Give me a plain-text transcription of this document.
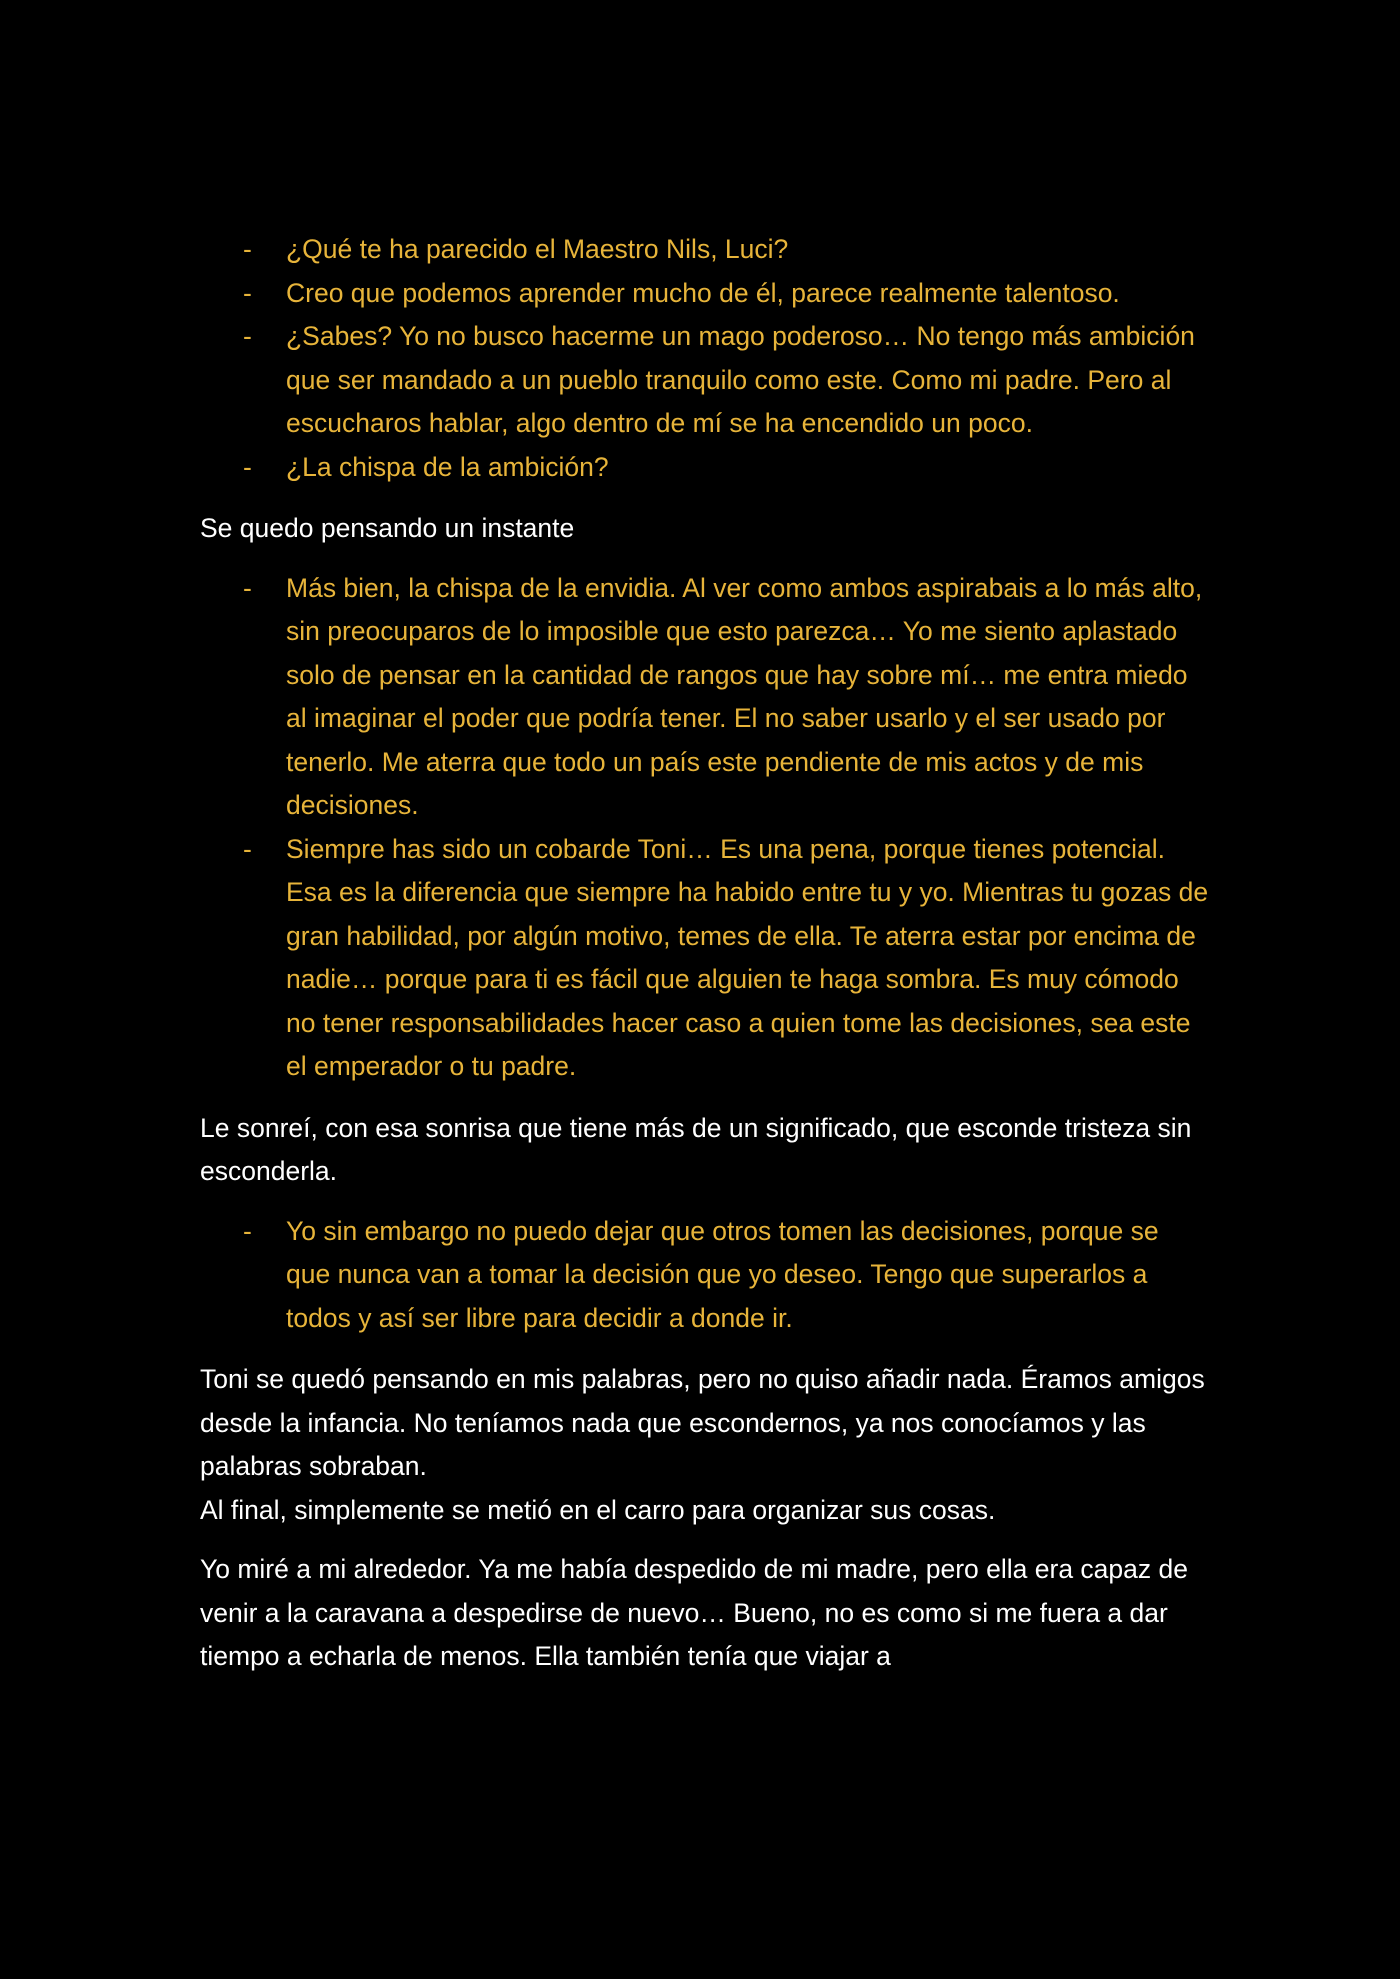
- ¿Qué te ha parecido el Maestro Nils, Luci?
- Creo que podemos aprender mucho de él, parece realmente talentoso.
- ¿Sabes? Yo no busco hacerme un mago poderoso… No tengo más ambición que ser mandado a un pueblo tranquilo como este. Como mi padre. Pero al escucharos hablar, algo dentro de mí se ha encendido un poco.
- ¿La chispa de la ambición?

Se quedo pensando un instante

- Más bien, la chispa de la envidia. Al ver como ambos aspirabais a lo más alto, sin preocuparos de lo imposible que esto parezca… Yo me siento aplastado solo de pensar en la cantidad de rangos que hay sobre mí… me entra miedo al imaginar el poder que podría tener. El no saber usarlo y el ser usado por tenerlo. Me aterra que todo un país este pendiente de mis actos y de mis decisiones.
- Siempre has sido un cobarde Toni… Es una pena, porque tienes potencial. Esa es la diferencia que siempre ha habido entre tu y yo. Mientras tu gozas de gran habilidad, por algún motivo, temes de ella. Te aterra estar por encima de nadie… porque para ti es fácil que alguien te haga sombra. Es muy cómodo no tener responsabilidades hacer caso a quien tome las decisiones, sea este el emperador o tu padre.

Le sonreí, con esa sonrisa que tiene más de un significado, que esconde tristeza sin esconderla.

- Yo sin embargo no puedo dejar que otros tomen las decisiones, porque se que nunca van a tomar la decisión que yo deseo. Tengo que superarlos a todos y así ser libre para decidir a donde ir.

Toni se quedó pensando en mis palabras, pero no quiso añadir nada. Éramos amigos desde la infancia. No teníamos nada que escondernos, ya nos conocíamos y las palabras sobraban.

Al final, simplemente se metió en el carro para organizar sus cosas.

Yo miré a mi alrededor. Ya me había despedido de mi madre, pero ella era capaz de venir a la caravana a despedirse de nuevo… Bueno, no es como si me fuera a dar tiempo a echarla de menos. Ella también tenía que viajar a
